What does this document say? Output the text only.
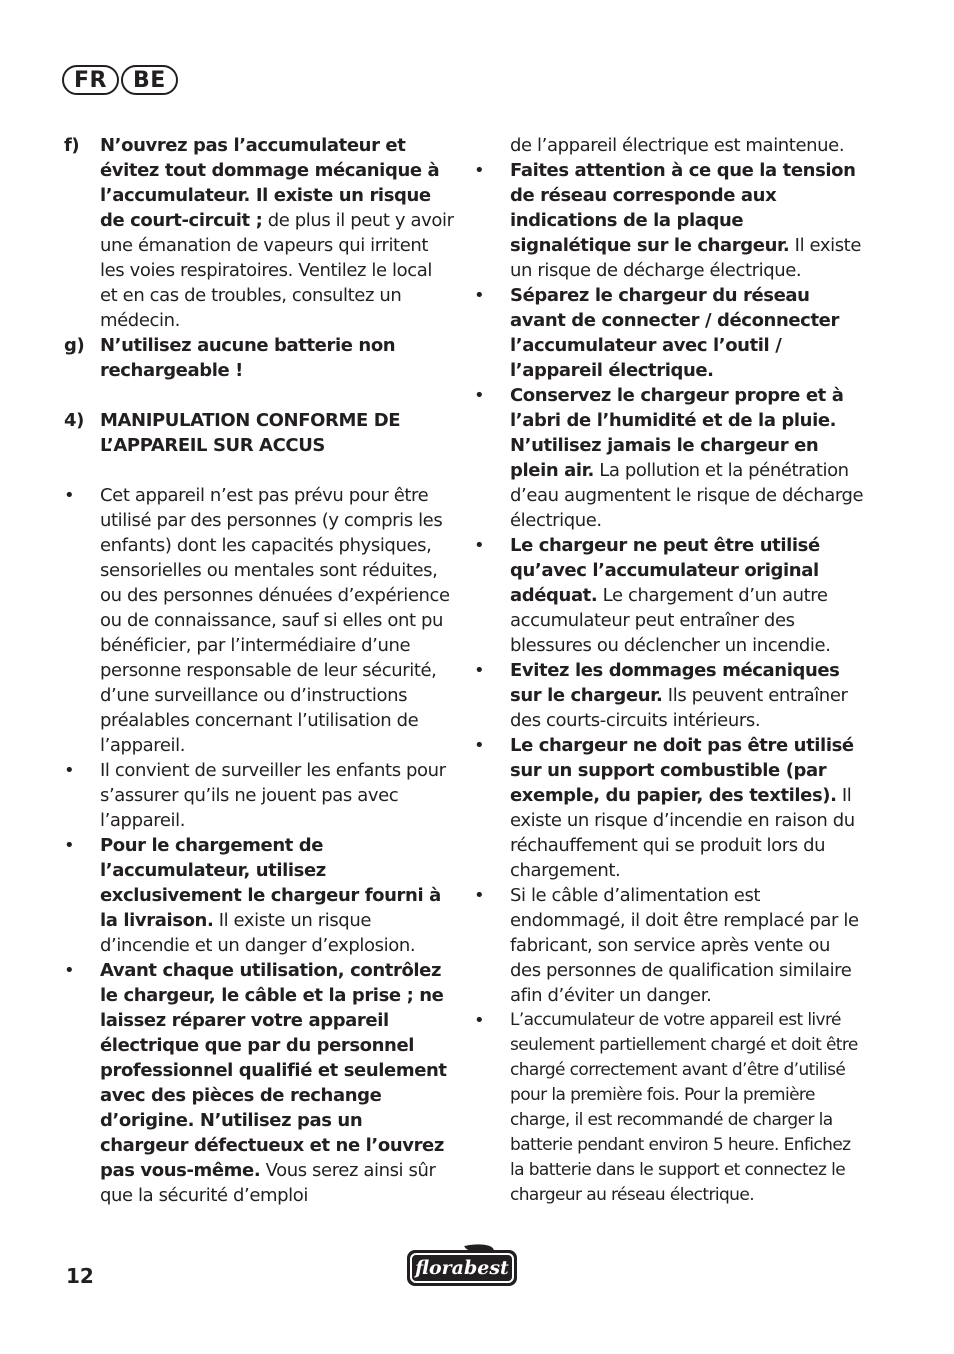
FR	BE
f)	N’ouvrez pas l’accumulateur et évitez tout dommage mécanique à l’accumulateur. Il existe un risque de court-circuit ; de plus il peut y avoir une émanation de vapeurs qui irritent les voies respiratoires. Ventilez le local et en cas de troubles, consultez un médecin.
g) N’utilisez aucune batterie non rechargeable !
4) MANIPULATION CONFORME DE L’APPAREIL SUR ACCUS
•	Cet appareil n’est pas prévu pour être utilisé par des personnes (y compris les enfants) dont les capacités physiques, sensorielles ou mentales sont réduites, ou des personnes dénuées d’expérience ou de connaissance, sauf si elles ont pu bénéficier, par l’intermédiaire d’une personne responsable de leur sécurité, d’une surveillance ou d’instructions préalables concernant l’utilisation de l’appareil.
•	Il convient de surveiller les enfants pour s’assurer qu’ils ne jouent pas avec l’appareil.
•	Pour le chargement de l’accumulateur, utilisez exclusivement le chargeur fourni à la livraison. Il existe un risque d’incendie et un danger d’explosion.
•	Avant chaque utilisation, contrôlez le chargeur, le câble et la prise ; ne laissez réparer votre appareil électrique que par du personnel professionnel qualifié et seulement avec des pièces de rechange d’origine. N’utilisez pas un chargeur défectueux et ne l’ouvrez pas vous-même. Vous serez ainsi sûr que la sécurité d’emploi
de l’appareil électrique est maintenue.
•	Faites attention à ce que la tension de réseau corresponde aux indications de la plaque signalétique sur le chargeur. Il existe un risque de décharge électrique.
•	Séparez le chargeur du réseau avant de connecter / déconnecter l’accumulateur avec l’outil / l’appareil électrique.
•	Conservez le chargeur propre et à l’abri de l’humidité et de la pluie. N’utilisez jamais le chargeur en plein air. La pollution et la pénétration d’eau augmentent le risque de décharge électrique.
•	Le chargeur ne peut être utilisé qu’avec l’accumulateur original adéquat. Le chargement d’un autre accumulateur peut entraîner des blessures ou déclencher un incendie.
•	Evitez les dommages mécaniques sur le chargeur. Ils peuvent entraîner des courts-circuits intérieurs.
•	Le chargeur ne doit pas être utilisé sur un support combustible (par exemple, du papier, des textiles). Il existe un risque d’incendie en raison du réchauffement qui se produit lors du chargement.
•	Si le câble d’alimentation est endommagé, il doit être remplacé par le fabricant, son service après vente ou des personnes de qualification similaire afin d’éviter un danger.
•	L’accumulateur de votre appareil est livré seulement partiellement chargé et doit être chargé correctement avant d’être d’utilisé pour la première fois. Pour la première charge, il est recommandé de charger la batterie pendant environ 5 heure. Enfichez la batterie dans le support et connectez le chargeur au réseau électrique.
12	florabest
